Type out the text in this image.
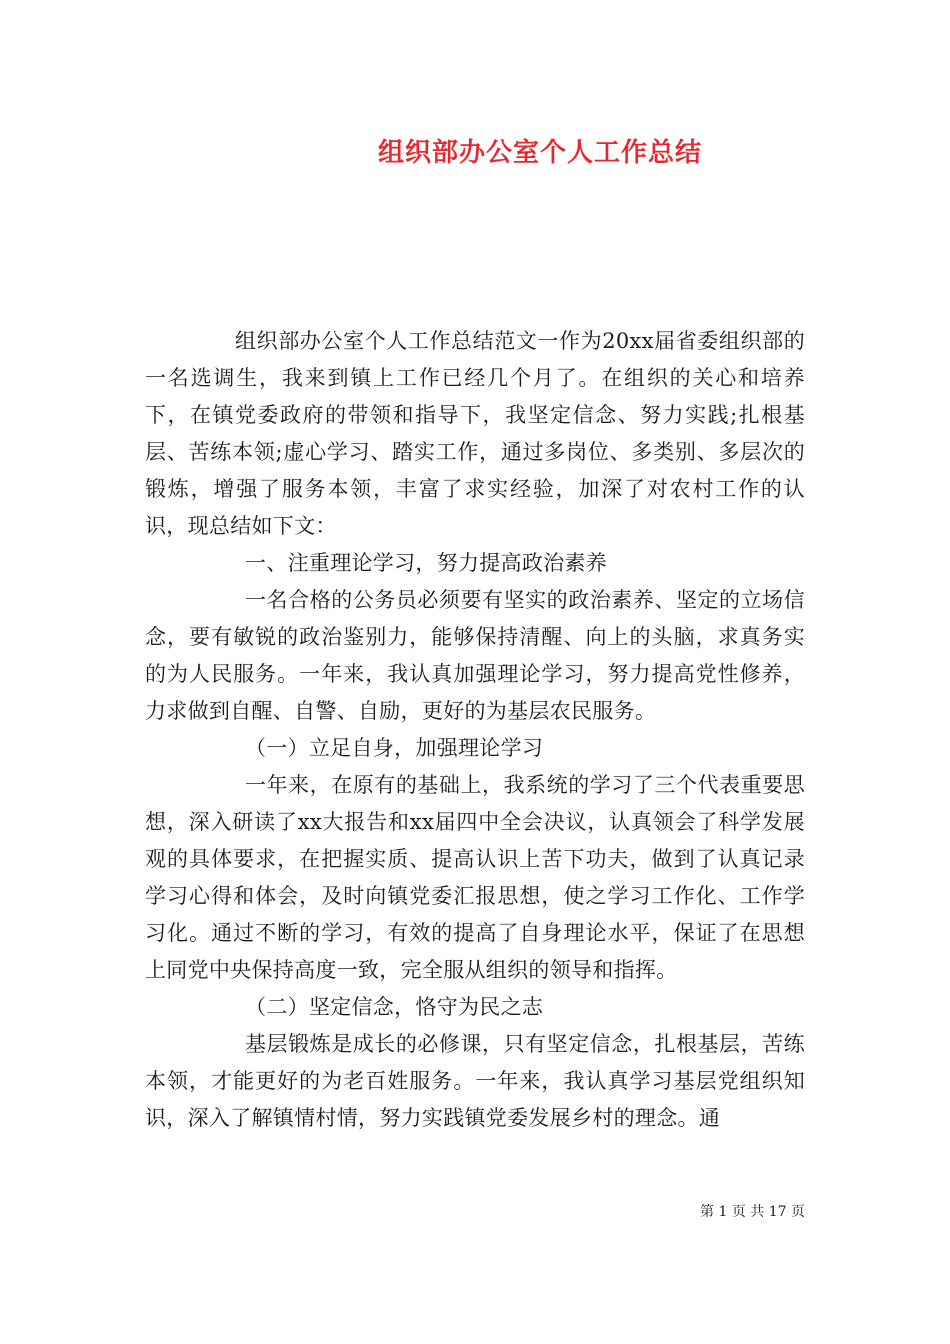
组织部办公室个人工作总结

组织部办公室个人工作总结范文一作为20xx届省委组织部的一名选调生，我来到镇上工作已经几个月了。在组织的关心和培养下，在镇党委政府的带领和指导下，我坚定信念、努力实践;扎根基层、苦练本领;虚心学习、踏实工作，通过多岗位、多类别、多层次的锻炼，增强了服务本领，丰富了求实经验，加深了对农村工作的认识，现总结如下文：

一、注重理论学习，努力提高政治素养

一名合格的公务员必须要有坚实的政治素养、坚定的立场信念，要有敏锐的政治鉴别力，能够保持清醒、向上的头脑，求真务实的为人民服务。一年来，我认真加强理论学习，努力提高党性修养，力求做到自醒、自警、自励，更好的为基层农民服务。

（一）立足自身，加强理论学习

一年来，在原有的基础上，我系统的学习了三个代表重要思想，深入研读了xx大报告和xx届四中全会决议，认真领会了科学发展观的具体要求，在把握实质、提高认识上苦下功夫，做到了认真记录学习心得和体会，及时向镇党委汇报思想，使之学习工作化、工作学习化。通过不断的学习，有效的提高了自身理论水平，保证了在思想上同党中央保持高度一致，完全服从组织的领导和指挥。

（二）坚定信念，恪守为民之志

基层锻炼是成长的必修课，只有坚定信念，扎根基层，苦练本领，才能更好的为老百姓服务。一年来，我认真学习基层党组织知识，深入了解镇情村情，努力实践镇党委发展乡村的理念。通

第 1 页 共 17 页
